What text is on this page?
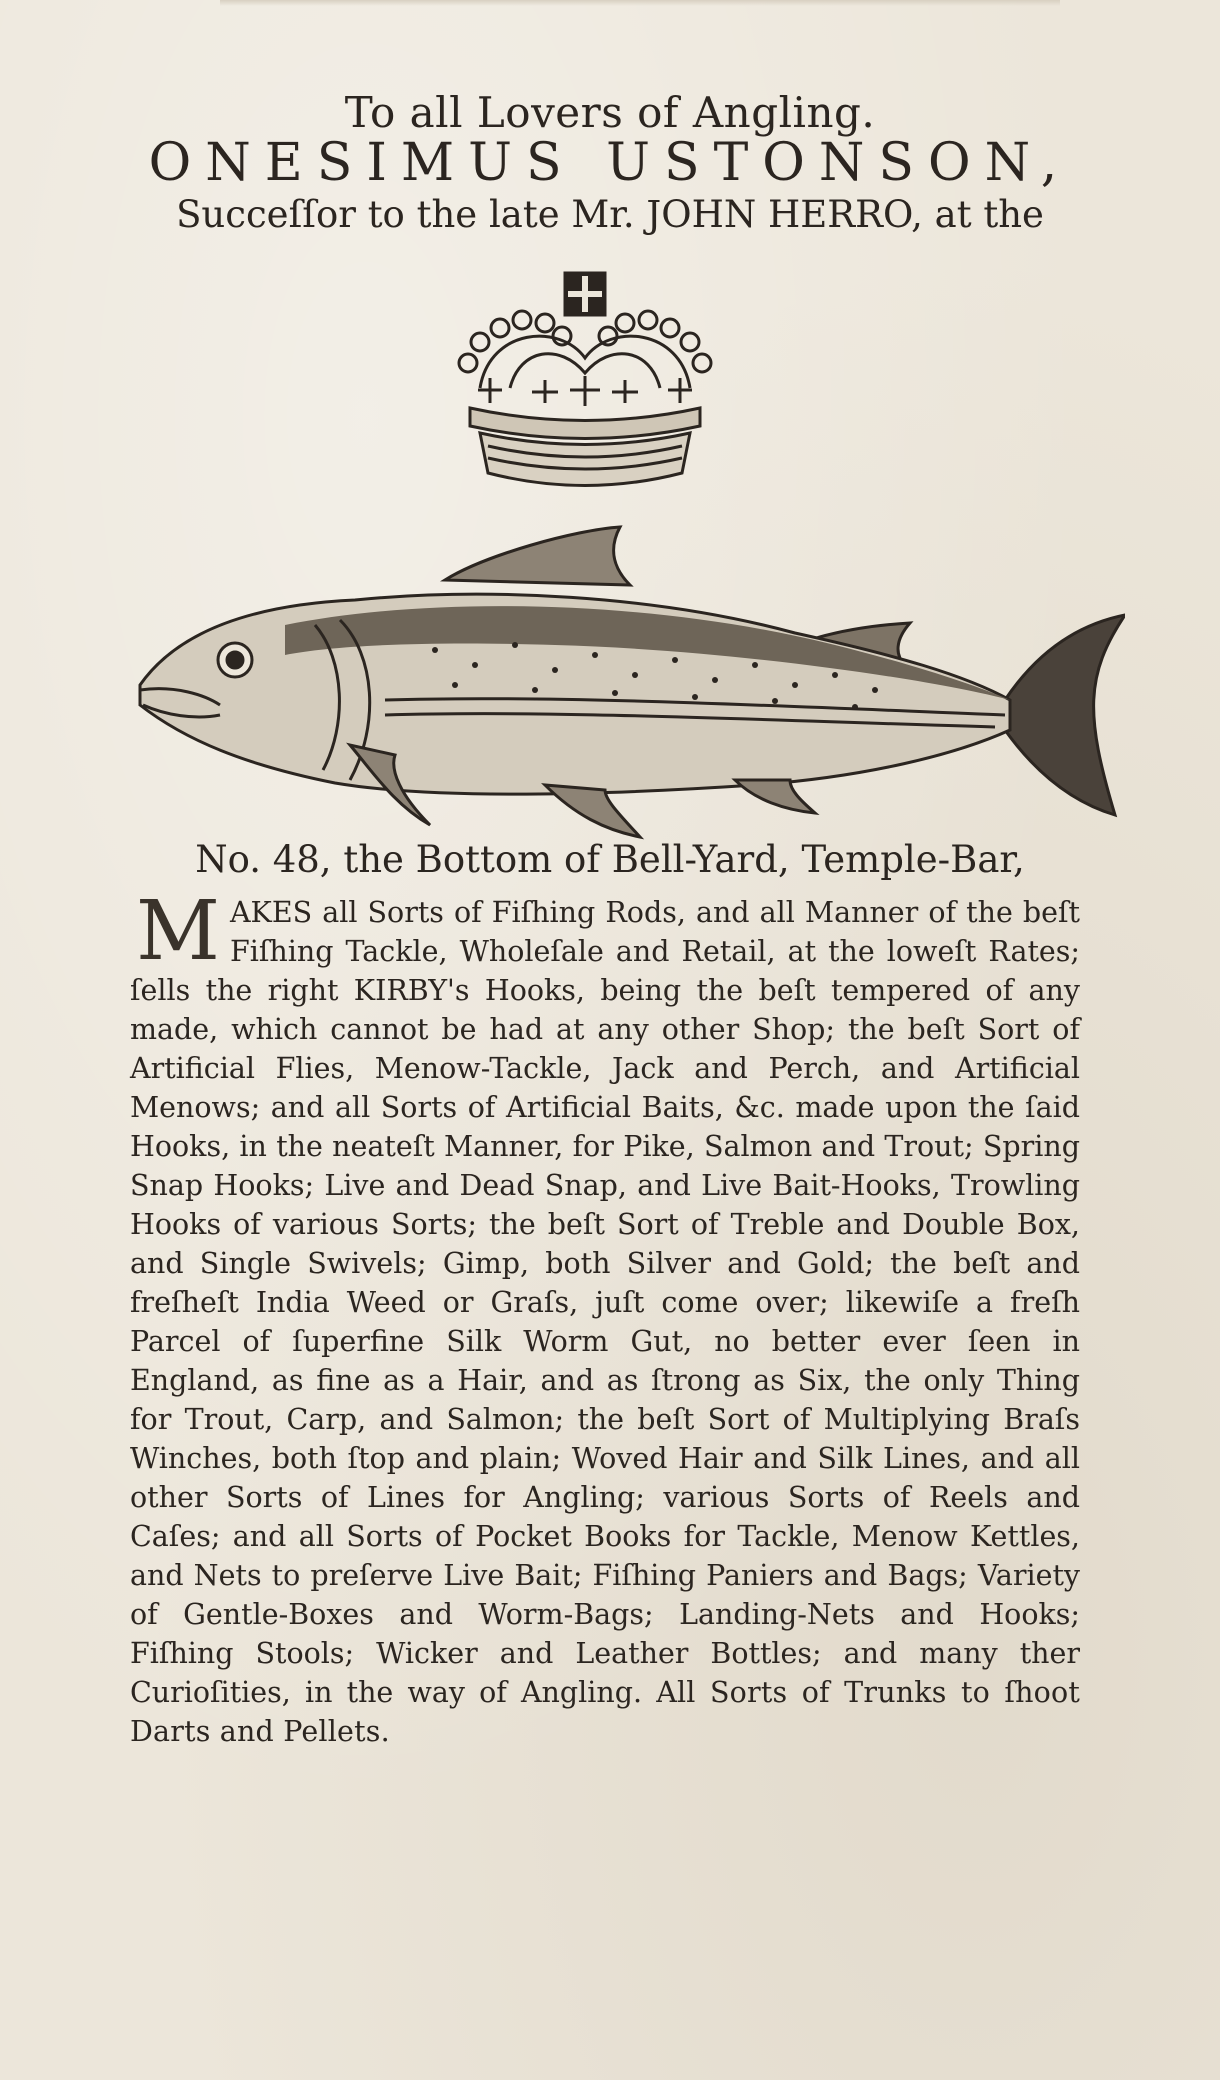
To all Lovers of Angling.
ONESIMUS USTONSON,
Succeſſor to the late Mr. JOHN HERRO, at the
No. 48, the Bottom of Bell-Yard, Temple-Bar,
MAKES all Sorts of Fiſhing Rods, and all Manner of the beſt Fiſhing Tackle, Wholeſale and Retail, at the loweſt Rates; ſells the right KIRBY's Hooks, being the beſt tempered of any made, which cannot be had at any other Shop; the beſt Sort of Artificial Flies, Menow-Tackle, Jack and Perch, and Artificial Menows; and all Sorts of Artificial Baits, &c. made upon the ſaid Hooks, in the neateſt Manner, for Pike, Salmon and Trout; Spring Snap Hooks; Live and Dead Snap, and Live Bait-Hooks, Trowling Hooks of various Sorts; the beſt Sort of Treble and Double Box, and Single Swivels; Gimp, both Silver and Gold; the beſt and freſheſt India Weed or Graſs, juſt come over; likewiſe a freſh Parcel of ſuperfine Silk Worm Gut, no better ever ſeen in England, as fine as a Hair, and as ſtrong as Six, the only Thing for Trout, Carp, and Salmon; the beſt Sort of Multiplying Braſs Winches, both ſtop and plain; Woved Hair and Silk Lines, and all other Sorts of Lines for Angling; various Sorts of Reels and Caſes; and all Sorts of Pocket Books for Tackle, Menow Kettles, and Nets to preſerve Live Bait; Fiſhing Paniers and Bags; Variety of Gentle-Boxes and Worm-Bags; Landing-Nets and Hooks; Fiſhing Stools; Wicker and Leather Bottles; and many ther Curioſities, in the way of Angling. All Sorts of Trunks to ſhoot Darts and Pellets.
